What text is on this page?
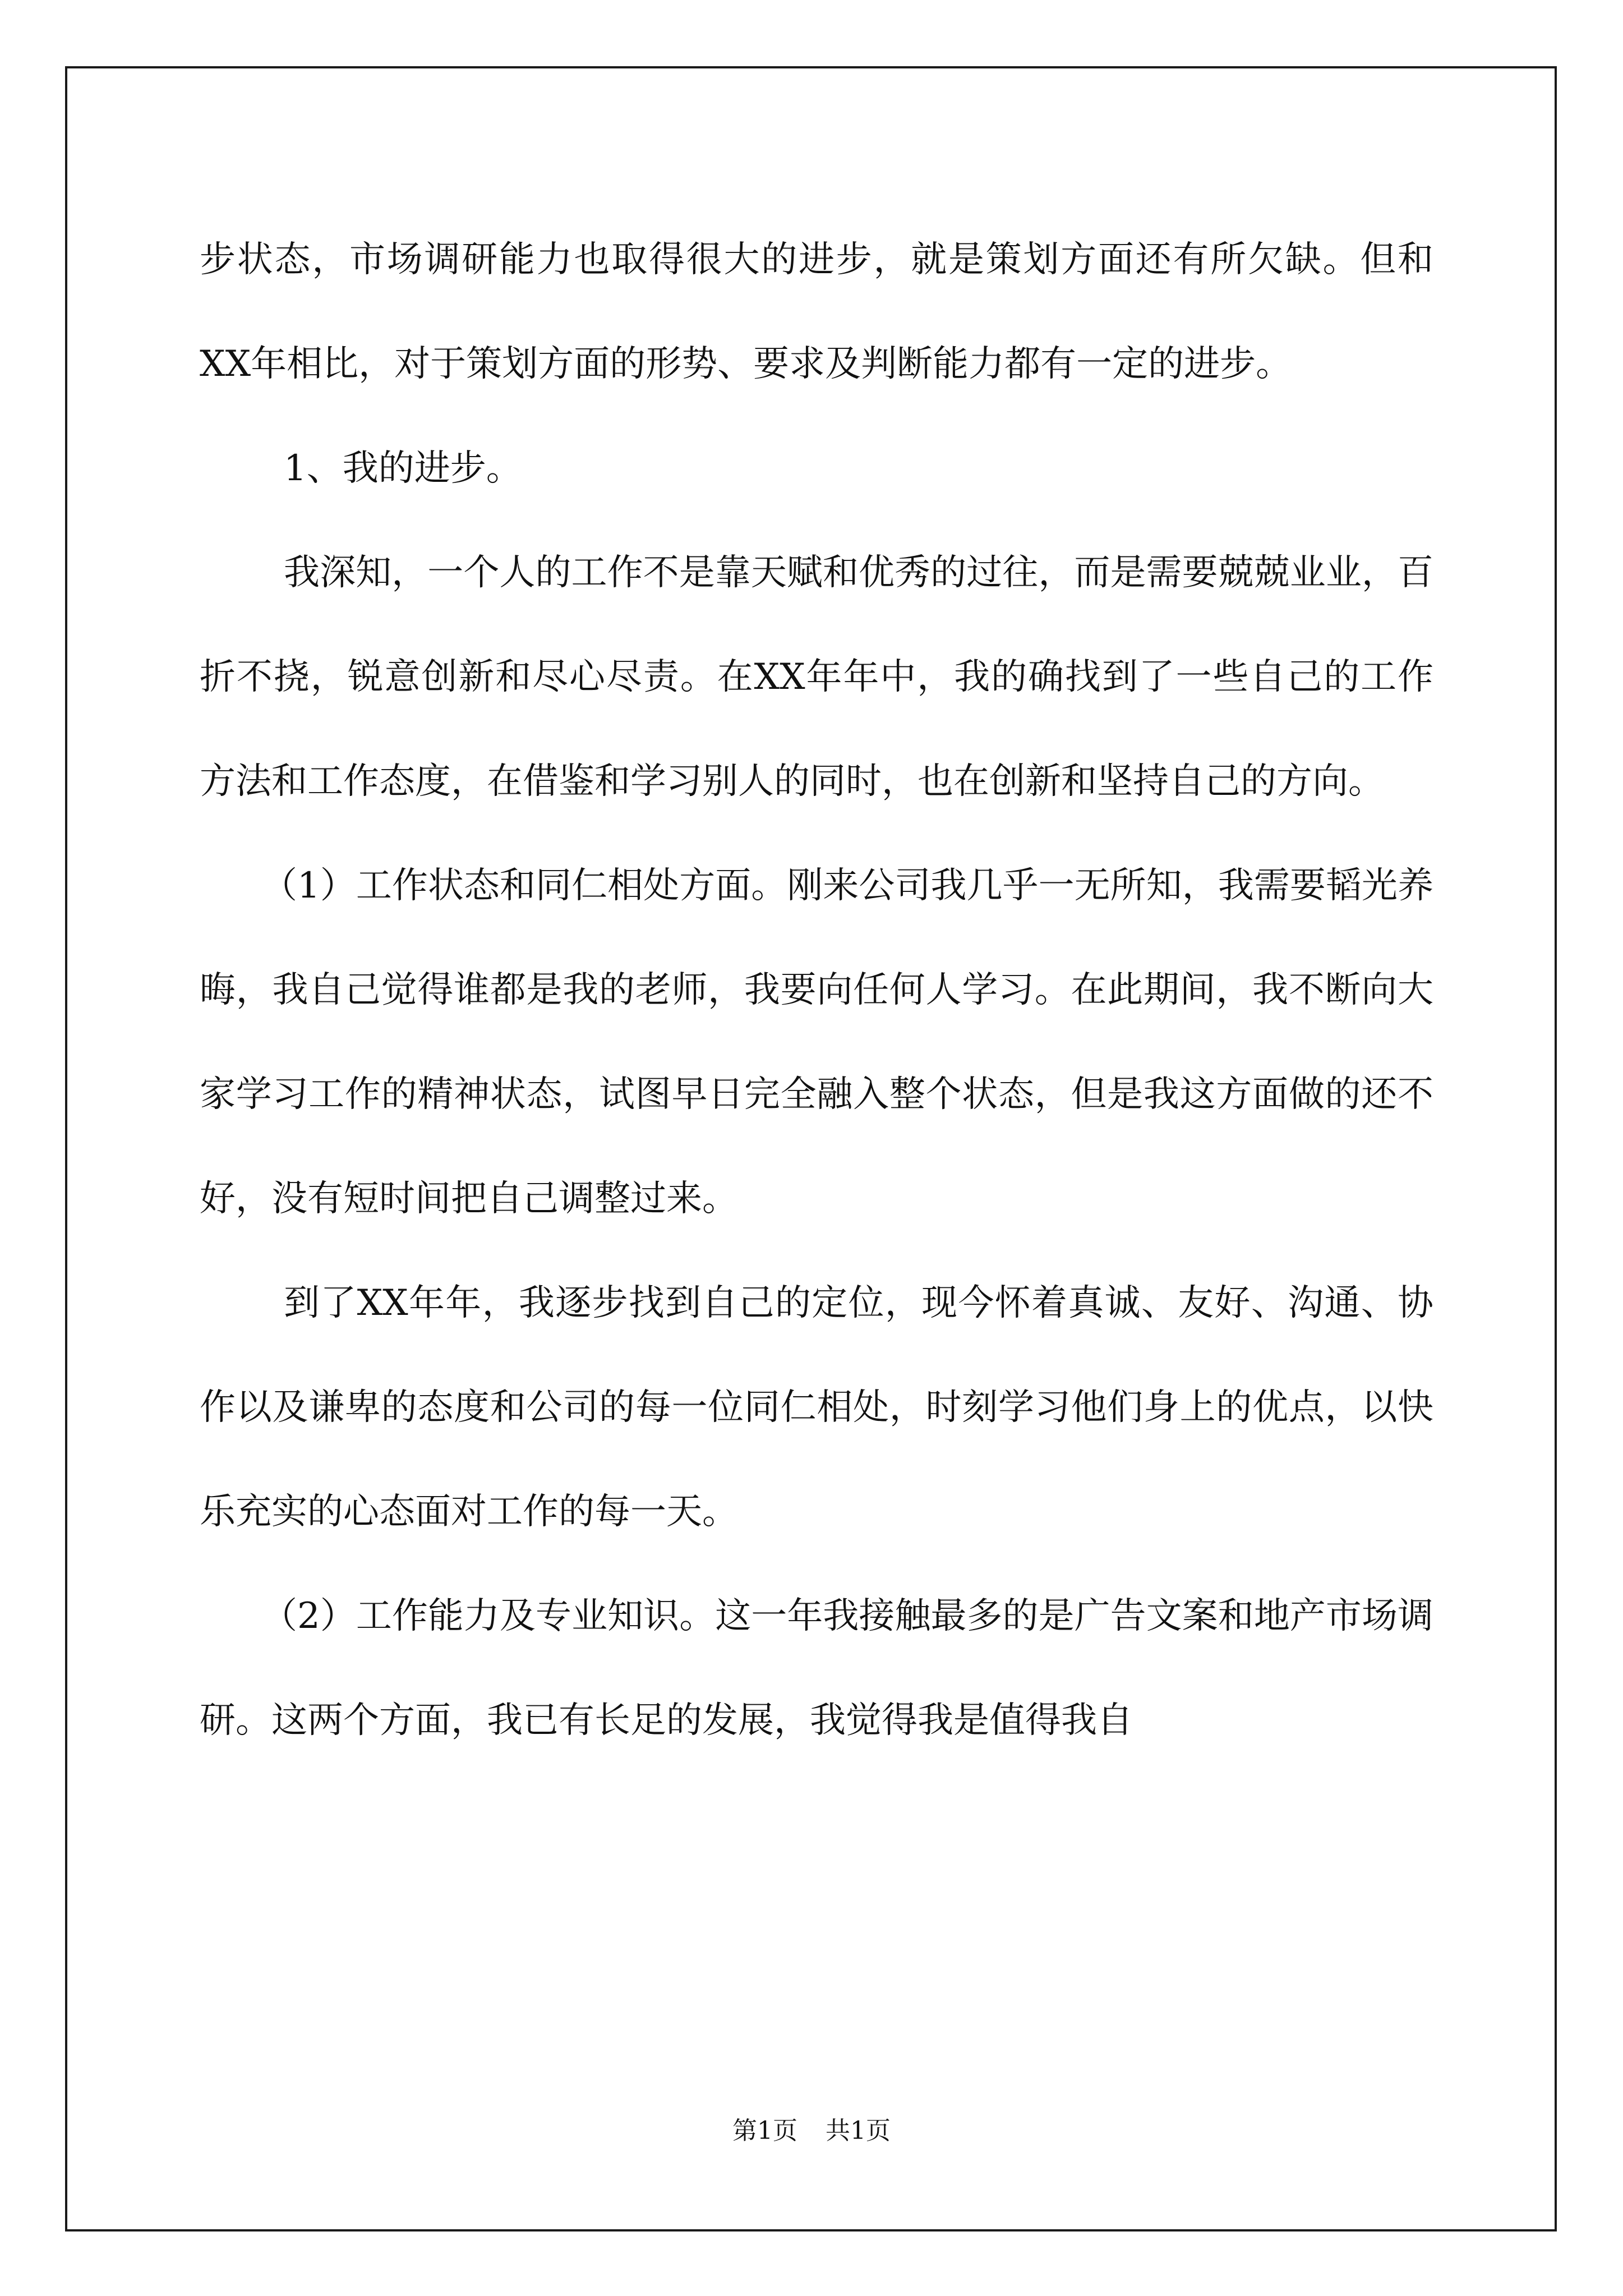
步状态，市场调研能力也取得很大的进步，就是策划方面还有所欠缺。但和XX年相比，对于策划方面的形势、要求及判断能力都有一定的进步。

1、我的进步。

我深知，一个人的工作不是靠天赋和优秀的过往，而是需要兢兢业业，百折不挠，锐意创新和尽心尽责。在XX年年中，我的确找到了一些自己的工作方法和工作态度，在借鉴和学习别人的同时，也在创新和坚持自己的方向。

（1）工作状态和同仁相处方面。刚来公司我几乎一无所知，我需要韬光养晦，我自己觉得谁都是我的老师，我要向任何人学习。在此期间，我不断向大家学习工作的精神状态，试图早日完全融入整个状态，但是我这方面做的还不好，没有短时间把自己调整过来。

到了XX年年，我逐步找到自己的定位，现今怀着真诚、友好、沟通、协作以及谦卑的态度和公司的每一位同仁相处，时刻学习他们身上的优点，以快乐充实的心态面对工作的每一天。

（2）工作能力及专业知识。这一年我接触最多的是广告文案和地产市场调研。这两个方面，我已有长足的发展，我觉得我是值得我自

第1页 共1页
